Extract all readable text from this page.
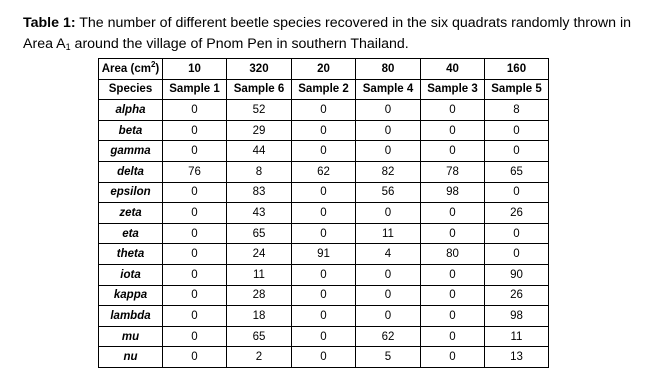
Table 1: The number of different beetle species recovered in the six quadrats randomly thrown in Area $A_1$ around the village of Pnom Pen in southern Thailand.
Area $(cm^2)$	10	320	20	80	40	160
Species	Sample 1	Sample 6	Sample 2	Sample 4	Sample 3	Sample 5
alpha	0	52	0	0	0	8
beta	0	29	0	0	0	0
gamma	0	44	0	0	0	0
delta	76	8	62	82	78	65
epsilon	0	83	0	56	98	0
zeta	0	43	0	0	0	26
eta	0	65	0	11	0	0
theta	0	24	91	4	80	0
iota	0	11	0	0	0	90
kappa	0	28	0	0	0	26
lambda	0	18	0	0	0	98
mu	0	65	0	62	0	11
nu	0	2	0	5	0	13
